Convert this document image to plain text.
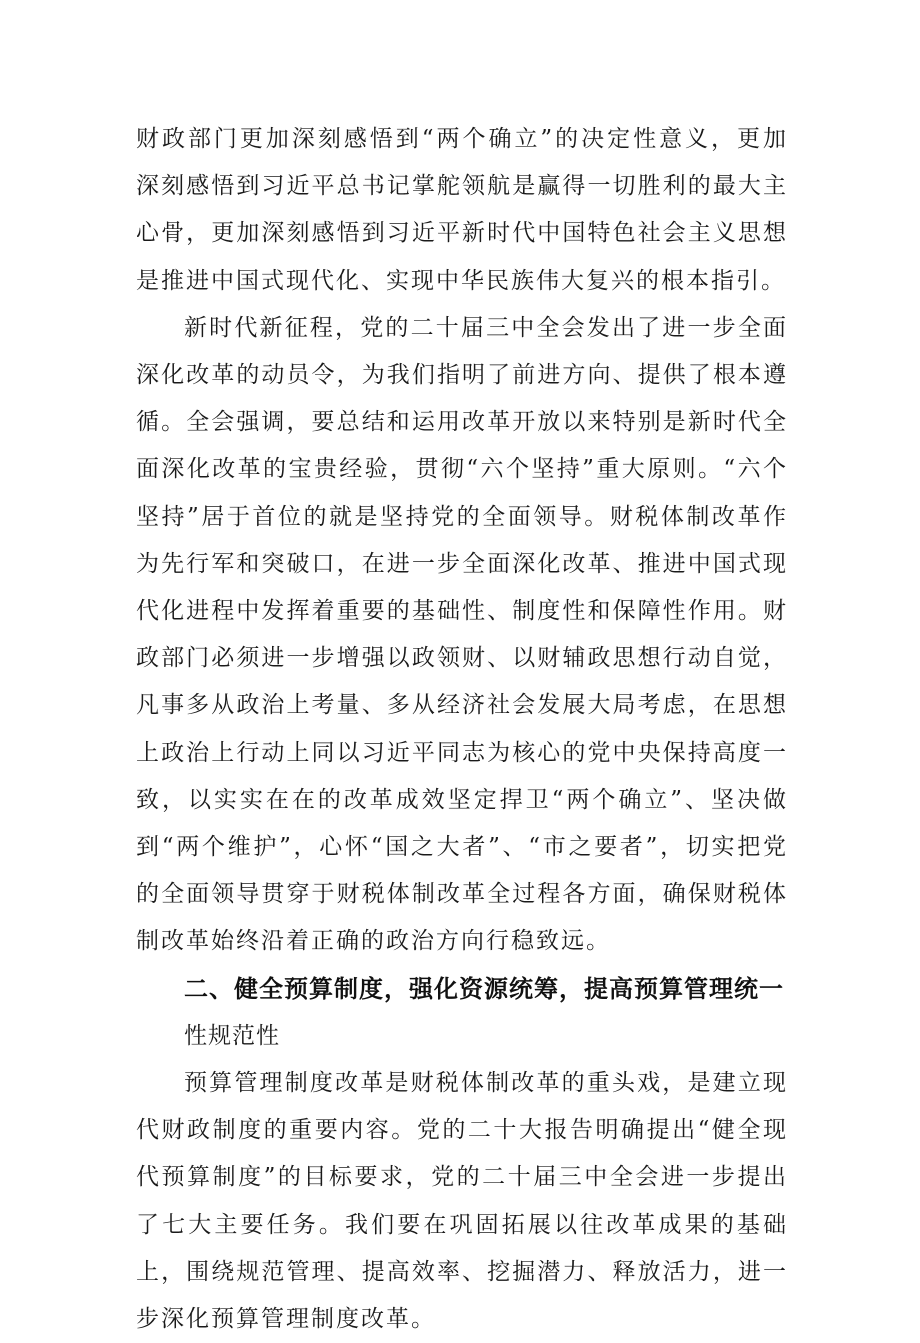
财政部门更加深刻感悟到“两个确立”的决定性意义，更加深刻感悟到习近平总书记掌舵领航是赢得一切胜利的最大主心骨，更加深刻感悟到习近平新时代中国特色社会主义思想是推进中国式现代化、实现中华民族伟大复兴的根本指引。

新时代新征程，党的二十届三中全会发出了进一步全面深化改革的动员令，为我们指明了前进方向、提供了根本遵循。全会强调，要总结和运用改革开放以来特别是新时代全面深化改革的宝贵经验，贯彻“六个坚持”重大原则。“六个坚持”居于首位的就是坚持党的全面领导。财税体制改革作为先行军和突破口，在进一步全面深化改革、推进中国式现代化进程中发挥着重要的基础性、制度性和保障性作用。财政部门必须进一步增强以政领财、以财辅政思想行动自觉，凡事多从政治上考量、多从经济社会发展大局考虑，在思想上政治上行动上同以习近平同志为核心的党中央保持高度一致，以实实在在的改革成效坚定捍卫“两个确立”、坚决做到“两个维护”，心怀“国之大者”、“市之要者”，切实把党的全面领导贯穿于财税体制改革全过程各方面，确保财税体制改革始终沿着正确的政治方向行稳致远。

二、健全预算制度，强化资源统筹，提高预算管理统一

性规范性

预算管理制度改革是财税体制改革的重头戏，是建立现代财政制度的重要内容。党的二十大报告明确提出“健全现代预算制度”的目标要求，党的二十届三中全会进一步提出了七大主要任务。我们要在巩固拓展以往改革成果的基础上，围绕规范管理、提高效率、挖掘潜力、释放活力，进一步深化预算管理制度改革。
